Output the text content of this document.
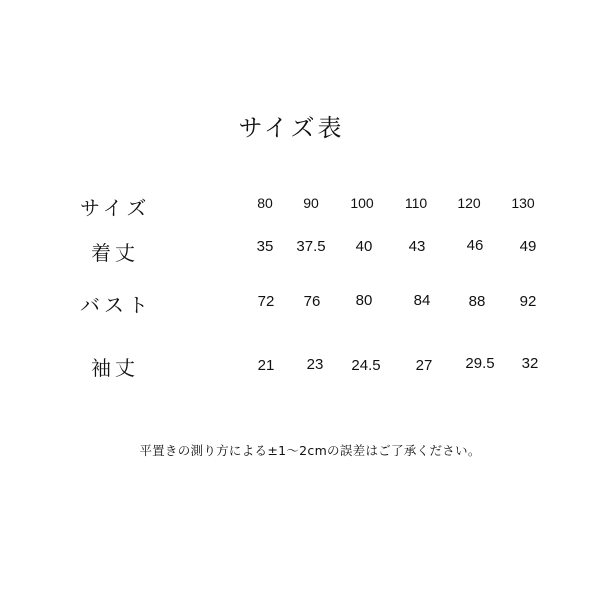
サイズ表
サイズ	80	90	100	110	120	130
着丈	35	37.5	40	43	46	49
バスト	72	76	80	84	88	92
袖丈	21	23	24.5	27	29.5	32
平置きの測り方による±1〜2cmの誤差はご了承ください。
